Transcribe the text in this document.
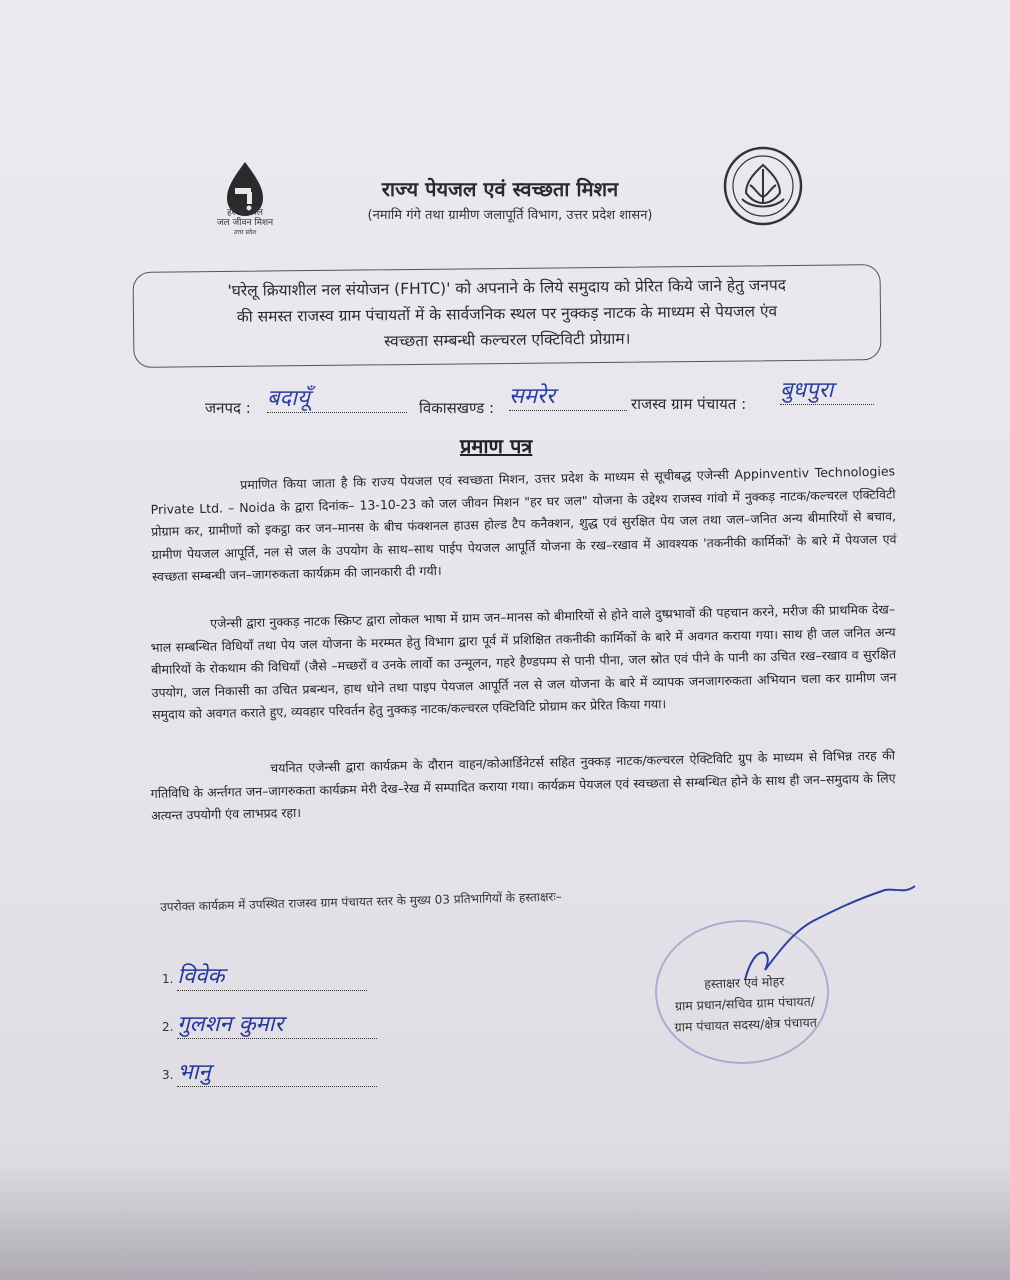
हर घर जल
जल जीवन मिशन
उत्तर प्रदेश
राज्य पेयजल एवं स्वच्छता मिशन
(नमामि गंगे तथा ग्रामीण जलापूर्ति विभाग, उत्तर प्रदेश शासन)
'घरेलू क्रियाशील नल संयोजन (FHTC)' को अपनाने के लिये समुदाय को प्रेरित किये जाने हेतु जनपद
की समस्त राजस्व ग्राम पंचायतों में के सार्वजनिक स्थल पर नुक्कड़ नाटक के माध्यम से पेयजल एंव
स्वच्छता सम्बन्धी कल्चरल एक्टिविटी प्रोग्राम।
जनपद : बदायूँ	विकासखण्ड : समरेर	राजस्व ग्राम पंचायत :
बुधपुरा
प्रमाण पत्र
प्रमाणित किया जाता है कि राज्य पेयजल एवं स्वच्छता मिशन, उत्तर प्रदेश के माध्यम से सूचीबद्ध एजेन्सी Appinventiv Technologies Private Ltd. – Noida के द्वारा दिनांक– 13-10-23 को जल जीवन मिशन "हर घर जल" योजना के उद्देश्य राजस्व गांवो में नुक्कड़ नाटक/कल्चरल एक्टिविटी प्रोग्राम कर, ग्रामीणों को इकट्ठा कर जन–मानस के बीच फंक्शनल हाउस होल्ड टैप कनैक्शन, शुद्ध एवं सुरक्षित पेय जल तथा जल–जनित अन्य बीमारियों से बचाव, ग्रामीण पेयजल आपूर्ति, नल से जल के उपयोग के साथ–साथ पाईप पेयजल आपूर्ति योजना के रख–रखाव में आवश्यक 'तकनीकी कार्मिकों' के बारे में पेयजल एवं स्वच्छता सम्बन्धी जन–जागरुकता कार्यक्रम की जानकारी दी गयी।
एजेन्सी द्वारा नुक्कड़ नाटक स्क्रिप्ट द्वारा लोकल भाषा में ग्राम जन–मानस को बीमारियों से होने वाले दुष्प्रभावों की पहचान करने, मरीज की प्राथमिक देख–भाल सम्बन्धित विधियाँ तथा पेय जल योजना के मरम्मत हेतु विभाग द्वारा पूर्व में प्रशिक्षित तकनीकी कार्मिकों के बारे में अवगत कराया गया। साथ ही जल जनित अन्य बीमारियों के रोकथाम की विधियाँ (जैसे –मच्छरों व उनके लार्वो का उन्मूलन, गहरे हैण्डपम्प से पानी पीना, जल स्रोत एवं पीने के पानी का उचित रख–रखाव व सुरक्षित उपयोग, जल निकासी का उचित प्रबन्धन, हाथ धोने तथा पाइप पेयजल आपूर्ति नल से जल योजना के बारे में व्यापक जनजागरुकता अभियान चला कर ग्रामीण जन समुदाय को अवगत कराते हुए, व्यवहार परिवर्तन हेतु नुक्कड़ नाटक/कल्चरल एक्टिविटि प्रोग्राम कर प्रेरित किया गया।
चयनित एजेन्सी द्वारा कार्यक्रम के दौरान वाहन/कोआर्डिनेटर्स सहित नुक्कड़ नाटक/कल्चरल ऐक्टिविटि ग्रुप के माध्यम से विभिन्न तरह की गतिविधि के अर्न्तगत जन–जागरुकता कार्यक्रम मेरी देख–रेख में सम्पादित कराया गया। कार्यक्रम पेयजल एवं स्वच्छता से सम्बन्धित होने के साथ ही जन–समुदाय के लिए अत्यन्त उपयोगी एंव लाभप्रद रहा।
उपरोक्त कार्यक्रम में उपस्थित राजस्व ग्राम पंचायत स्तर के मुख्य 03 प्रतिभागियों के हस्ताक्षरः–
1. विवेक
2. गुलशन कुमार
3. भानु
हस्ताक्षर एवं मोहर
ग्राम प्रधान/सचिव ग्राम पंचायत/
ग्राम पंचायत सदस्य/क्षेत्र पंचायत
